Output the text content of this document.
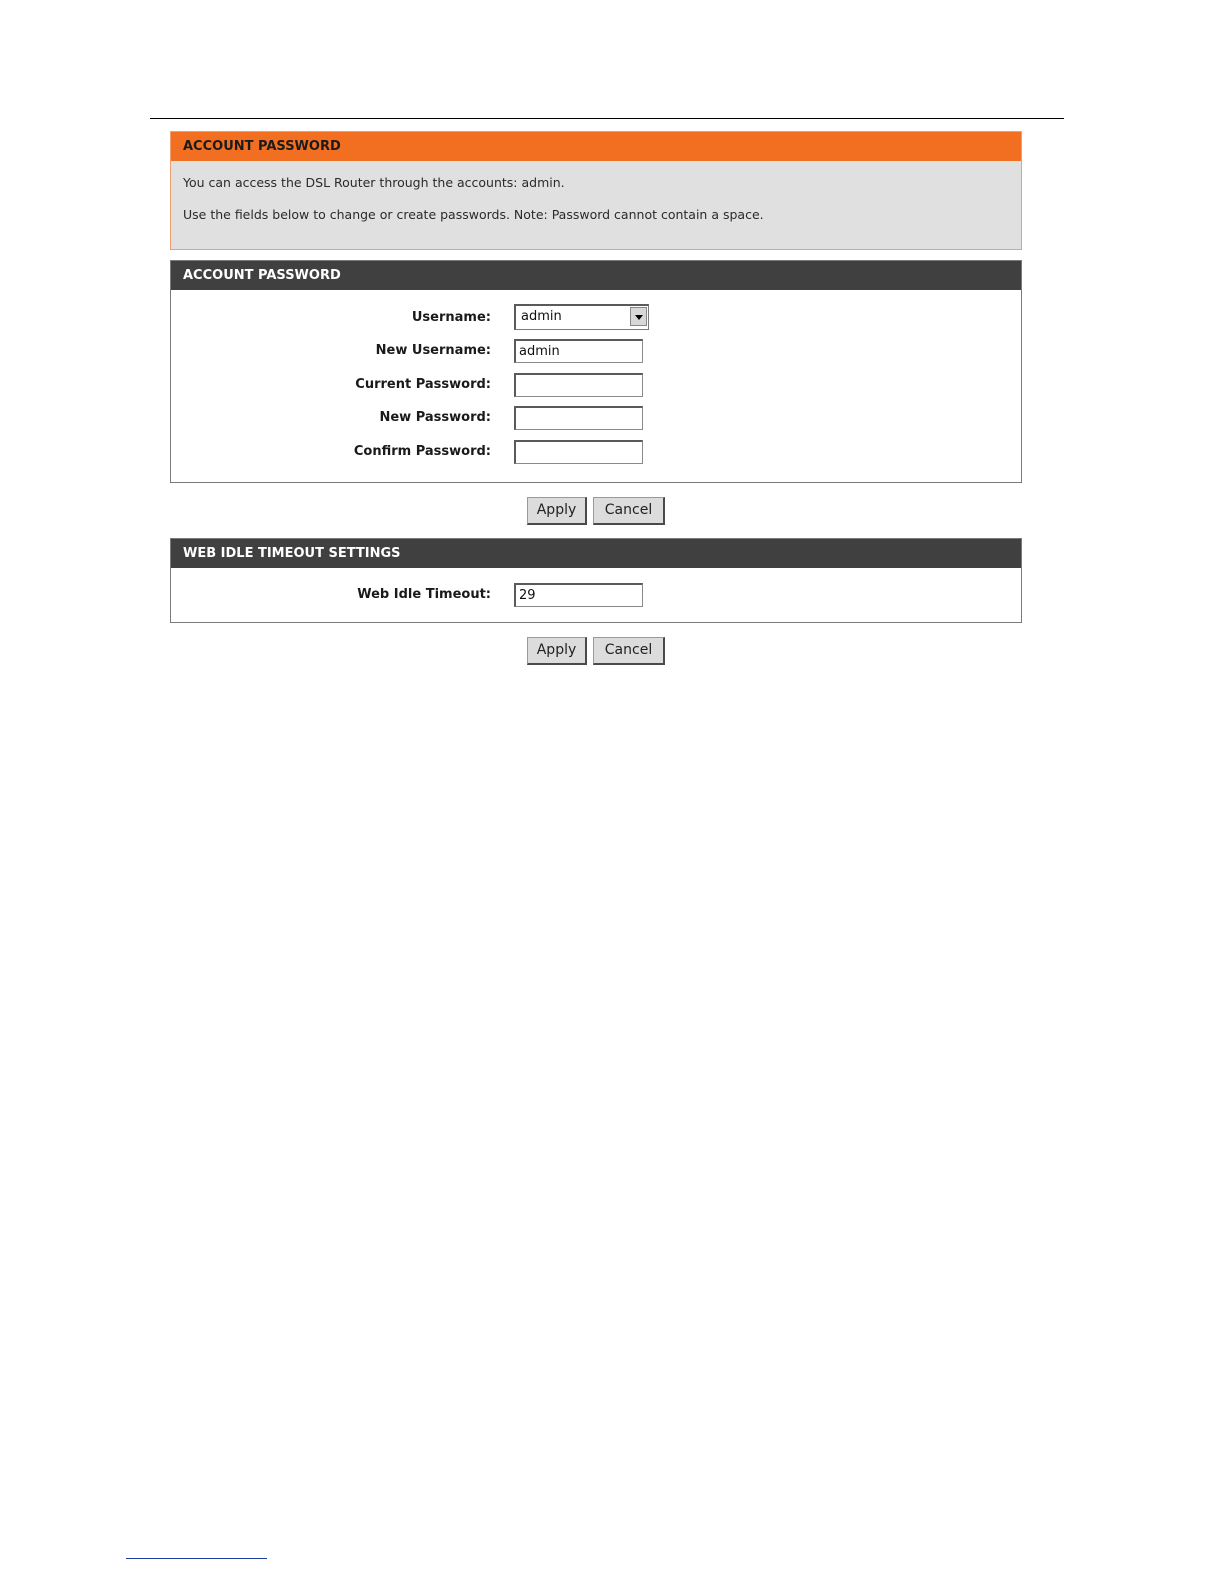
ACCOUNT PASSWORD

You can access the DSL Router through the accounts: admin.

Use the fields below to change or create passwords. Note: Password cannot contain a space.

ACCOUNT PASSWORD
Username: admin
New Username:
admin
Current Password:
New Password:
Confirm Password:
Apply	Cancel
WEB IDLE TIMEOUT SETTINGS
Web Idle Timeout:
29
Apply	Cancel
